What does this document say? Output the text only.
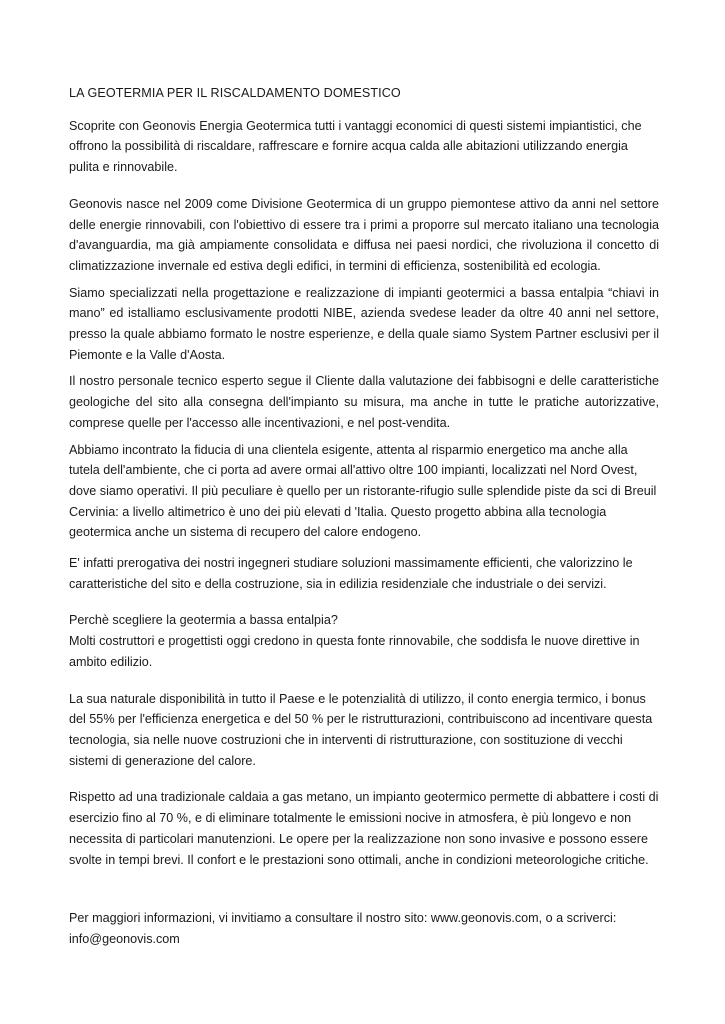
LA GEOTERMIA PER IL RISCALDAMENTO DOMESTICO

Scoprite con Geonovis Energia Geotermica tutti i vantaggi economici di questi sistemi impiantistici, che offrono la possibilità di riscaldare, raffrescare e fornire acqua calda alle abitazioni utilizzando energia pulita e rinnovabile.

Geonovis nasce nel 2009 come Divisione Geotermica di un gruppo piemontese attivo da anni nel settore delle energie rinnovabili, con l'obiettivo di essere tra i primi a proporre sul mercato italiano una tecnologia d'avanguardia, ma già ampiamente consolidata e diffusa nei paesi nordici, che rivoluziona il concetto di climatizzazione invernale ed estiva degli edifici, in termini di efficienza, sostenibilità ed ecologia.

Siamo specializzati nella progettazione e realizzazione di impianti geotermici a bassa entalpia “chiavi in mano” ed istalliamo esclusivamente prodotti NIBE, azienda svedese leader da oltre 40 anni nel settore, presso la quale abbiamo formato le nostre esperienze, e della quale siamo System Partner esclusivi per il Piemonte e la Valle d'Aosta.

Il nostro personale tecnico esperto segue il Cliente dalla valutazione dei fabbisogni e delle caratteristiche geologiche del sito alla consegna dell'impianto su misura, ma anche in tutte le pratiche autorizzative, comprese quelle per l'accesso alle incentivazioni, e nel post-vendita.

Abbiamo incontrato la fiducia di una clientela esigente, attenta al risparmio energetico ma anche alla tutela dell'ambiente, che ci porta ad avere ormai all'attivo oltre 100 impianti, localizzati nel Nord Ovest, dove siamo operativi. Il più peculiare è quello per un ristorante-rifugio sulle splendide piste da sci di Breuil Cervinia: a livello altimetrico è uno dei più elevati d 'Italia. Questo progetto abbina alla tecnologia geotermica anche un sistema di recupero del calore endogeno.

E' infatti prerogativa dei nostri ingegneri studiare soluzioni massimamente efficienti, che valorizzino le caratteristiche del sito e della costruzione, sia in edilizia residenziale che industriale o dei servizi.

Perchè scegliere la geotermia a bassa entalpia?

Molti costruttori e progettisti oggi credono in questa fonte rinnovabile, che soddisfa le nuove direttive in ambito edilizio.

La sua naturale disponibilità in tutto il Paese e le potenzialità di utilizzo, il conto energia termico, i bonus del 55% per l'efficienza energetica e del 50 % per le ristrutturazioni, contribuiscono ad incentivare questa tecnologia, sia nelle nuove costruzioni che in interventi di ristrutturazione, con sostituzione di vecchi sistemi di generazione del calore.

Rispetto ad una tradizionale caldaia a gas metano, un impianto geotermico permette di abbattere i costi di esercizio fino al 70 %, e di eliminare totalmente le emissioni nocive in atmosfera, è più longevo e non necessita di particolari manutenzioni. Le opere per la realizzazione non sono invasive e possono essere svolte in tempi brevi. Il confort e le prestazioni sono ottimali, anche in condizioni meteorologiche critiche.

Per maggiori informazioni, vi invitiamo a consultare il nostro sito: www.geonovis.com, o a scriverci: info@geonovis.com
